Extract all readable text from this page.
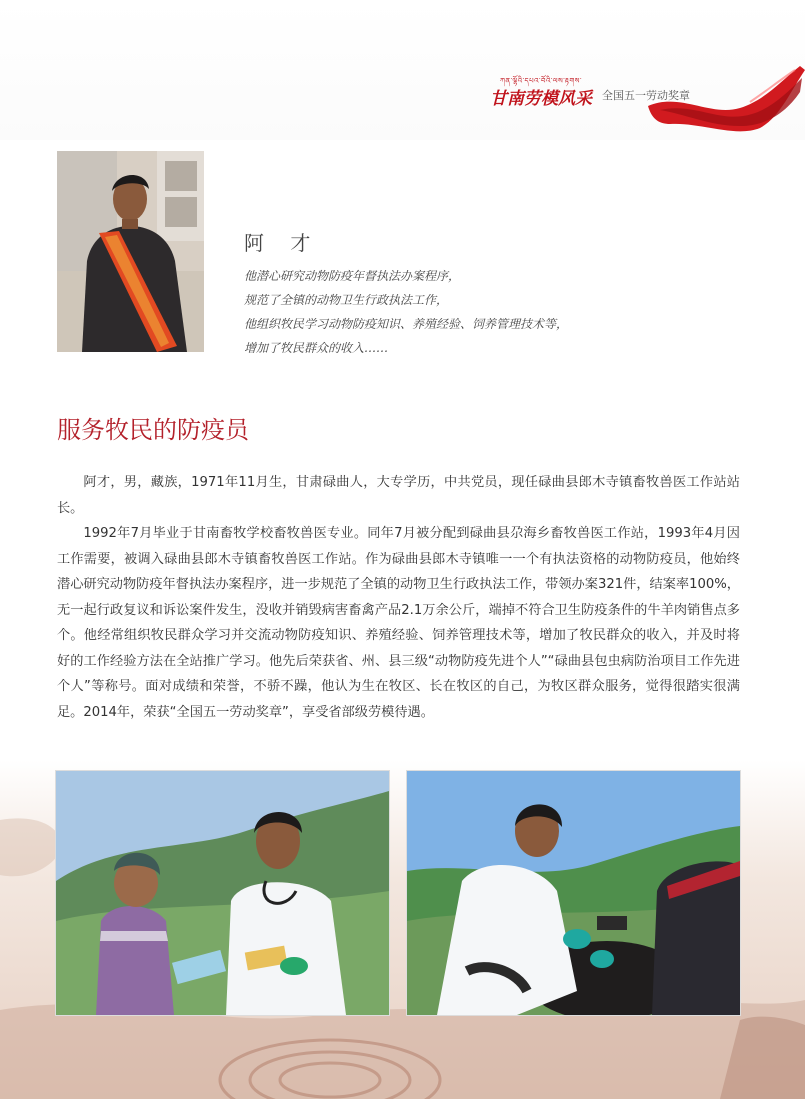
ཀན་ལྷོའི་དཔའ་བོའི་ལས་རྟགས་
甘南劳模风采 全国五一劳动奖章
阿 才
他潜心研究动物防疫年督执法办案程序，
规范了全镇的动物卫生行政执法工作，
他组织牧民学习动物防疫知识、养殖经验、饲养管理技术等，
增加了牧民群众的收入……
服务牧民的防疫员

阿才，男，藏族，1971年11月生，甘肃碌曲人，大专学历，中共党员，现任碌曲县郎木寺镇畜牧兽医工作站站长。

1992年7月毕业于甘南畜牧学校畜牧兽医专业。同年7月被分配到碌曲县尕海乡畜牧兽医工作站，1993年4月因工作需要，被调入碌曲县郎木寺镇畜牧兽医工作站。作为碌曲县郎木寺镇唯一一个有执法资格的动物防疫员，他始终潜心研究动物防疫年督执法办案程序，进一步规范了全镇的动物卫生行政执法工作，带领办案321件，结案率100%，无一起行政复议和诉讼案件发生，没收并销毁病害畜禽产品2.1万余公斤，端掉不符合卫生防疫条件的牛羊肉销售点多个。他经常组织牧民群众学习并交流动物防疫知识、养殖经验、饲养管理技术等，增加了牧民群众的收入，并及时将好的工作经验方法在全站推广学习。他先后荣获省、州、县三级“动物防疫先进个人”“碌曲县包虫病防治项目工作先进个人”等称号。面对成绩和荣誉，不骄不躁，他认为生在牧区、长在牧区的自己，为牧区群众服务，觉得很踏实很满足。2014年，荣获“全国五一劳动奖章”，享受省部级劳模待遇。
